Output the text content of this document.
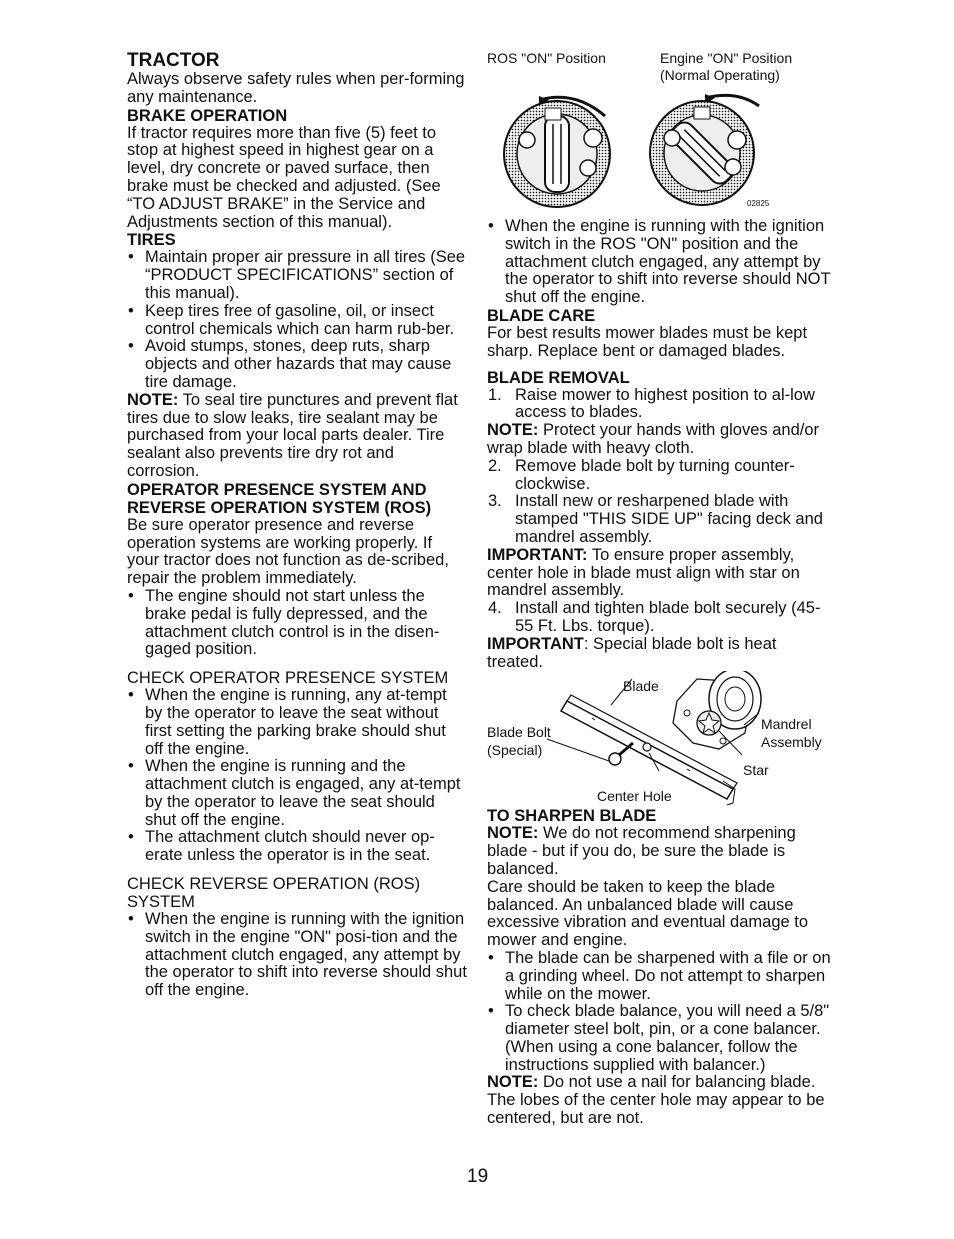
TRACTOR

Always observe safety rules when per-forming any maintenance.

BRAKE OPERATION

If tractor requires more than five (5) feet to stop at highest speed in highest gear on a level, dry concrete or paved surface, then brake must be checked and adjusted. (See “TO ADJUST BRAKE” in the Service and Adjustments section of this manual).

TIRES
• Maintain proper air pressure in all tires (See “PRODUCT SPECIFICATIONS” section of this manual).
• Keep tires free of gasoline, oil, or insect control chemicals which can harm rub-ber.
• Avoid stumps, stones, deep ruts, sharp objects and other hazards that may cause tire damage.

NOTE: To seal tire punctures and prevent flat tires due to slow leaks, tire sealant may be purchased from your local parts dealer. Tire sealant also prevents tire dry rot and corrosion.

OPERATOR PRESENCE SYSTEM AND REVERSE OPERATION SYSTEM (ROS)

Be sure operator presence and reverse operation systems are working properly. If your tractor does not function as de-scribed, repair the problem immediately.

• The engine should not start unless the brake pedal is fully depressed, and the attachment clutch control is in the disen-gaged position.
CHECK OPERATOR PRESENCE SYSTEM
• When the engine is running, any at-tempt by the operator to leave the seat without first setting the parking brake should shut off the engine.
• When the engine is running and the attachment clutch is engaged, any at-tempt by the operator to leave the seat should shut off the engine.
• The attachment clutch should never op-erate unless the operator is in the seat.
CHECK REVERSE OPERATION (ROS) SYSTEM
• When the engine is running with the ignition switch in the engine "ON" posi-tion and the attachment clutch engaged, any attempt by the operator to shift into reverse should shut off the engine.
ROS "ON" Position	Engine "ON" Position
(Normal Operating)
02825
• When the engine is running with the ignition switch in the ROS "ON" position and the attachment clutch engaged, any attempt by the operator to shift into reverse should NOT shut off the engine.
BLADE CARE

For best results mower blades must be kept sharp. Replace bent or damaged blades.

BLADE REMOVAL
1. Raise mower to highest position to al-low access to blades.

NOTE: Protect your hands with gloves and/or wrap blade with heavy cloth.

2. Remove blade bolt by turning counter-clockwise.
3. Install new or resharpened blade with stamped "THIS SIDE UP" facing deck and mandrel assembly.

IMPORTANT: To ensure proper assembly, center hole in blade must align with star on mandrel assembly.

4. Install and tighten blade bolt securely (45-55 Ft. Lbs. torque).

IMPORTANT: Special blade bolt is heat treated.

Blade
Blade Bolt
(Special)
Mandrel
Assembly
Star
Center Hole
TO SHARPEN BLADE

NOTE: We do not recommend sharpening blade - but if you do, be sure the blade is balanced.

Care should be taken to keep the blade balanced. An unbalanced blade will cause excessive vibration and eventual damage to mower and engine.

• The blade can be sharpened with a file or on a grinding wheel. Do not attempt to sharpen while on the mower.
• To check blade balance, you will need a 5/8" diameter steel bolt, pin, or a cone balancer. (When using a cone balancer, follow the instructions supplied with balancer.)

NOTE: Do not use a nail for balancing blade. The lobes of the center hole may appear to be centered, but are not.

19
